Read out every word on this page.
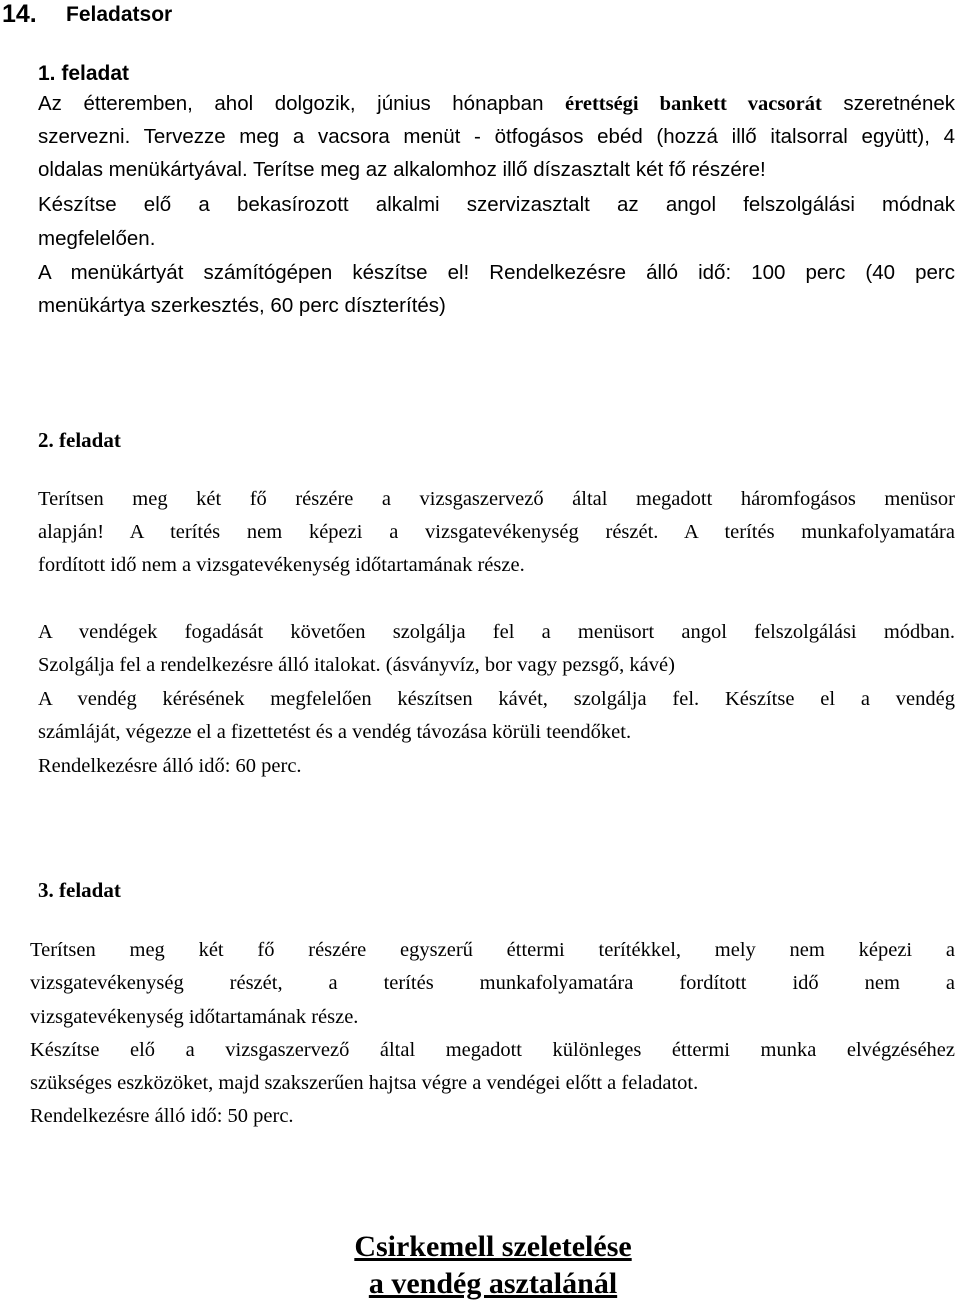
14. Feladatsor
1. feladat
Az étteremben, ahol dolgozik, június hónapban érettségi bankett vacsorát szeretnének
szervezni. Tervezze meg a vacsora menüt - ötfogásos ebéd (hozzá illő italsorral együtt), 4
oldalas menükártyával. Terítse meg az alkalomhoz illő díszasztalt két fő részére!
Készítse elő a bekasírozott alkalmi szervizasztalt az angol felszolgálási módnak
megfelelően.
A menükártyát számítógépen készítse el! Rendelkezésre álló idő: 100 perc (40 perc
menükártya szerkesztés, 60 perc díszterítés)
2. feladat
Terítsen meg két fő részére a vizsgaszervező által megadott háromfogásos menüsor
alapján! A terítés nem képezi a vizsgatevékenység részét. A terítés munkafolyamatára
fordított idő nem a vizsgatevékenység időtartamának része.
A vendégek fogadását követően szolgálja fel a menüsort angol felszolgálási módban.
Szolgálja fel a rendelkezésre álló italokat. (ásványvíz, bor vagy pezsgő, kávé)
A vendég kérésének megfelelően készítsen kávét, szolgálja fel. Készítse el a vendég
számláját, végezze el a fizettetést és a vendég távozása körüli teendőket.
Rendelkezésre álló idő: 60 perc.
3. feladat
Terítsen meg két fő részére egyszerű éttermi terítékkel, mely nem képezi a
vizsgatevékenység részét, a terítés munkafolyamatára fordított idő nem a
vizsgatevékenység időtartamának része.
Készítse elő a vizsgaszervező által megadott különleges éttermi munka elvégzéséhez
szükséges eszközöket, majd szakszerűen hajtsa végre a vendégei előtt a feladatot.
Rendelkezésre álló idő: 50 perc.
Csirkemell szeletelése
a vendég asztalánál
